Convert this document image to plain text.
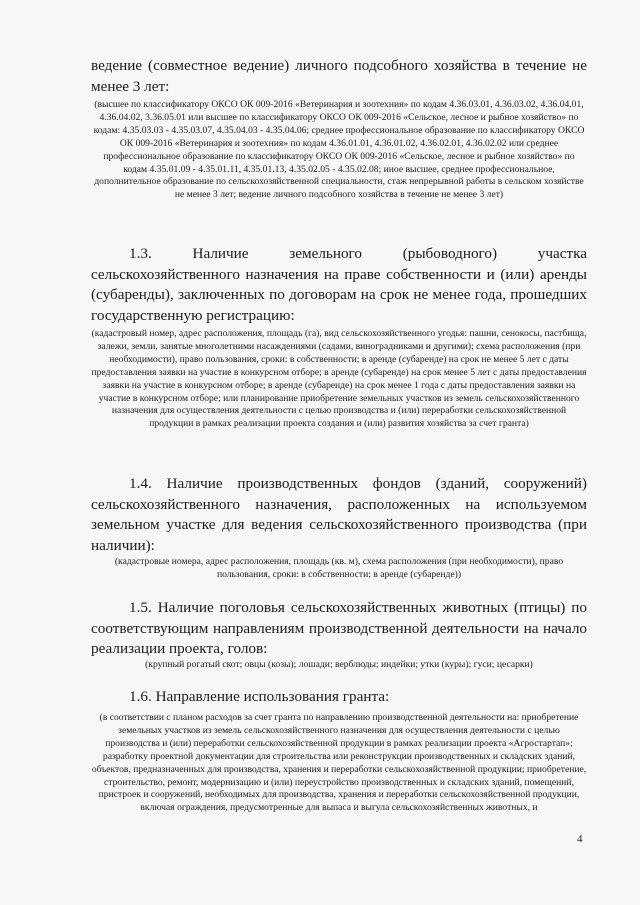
ведение (совместное ведение) личного подсобного хозяйства в течение не менее 3 лет:
(высшее по классификатору ОКСО ОК 009-2016 «Ветеринария и зоотехния» по кодам 4.36.03.01, 4.36.03.02, 4.36.04.01, 4.36.04.02, 3.36.05.01 или высшее по классификатору ОКСО ОК 009-2016 «Сельское, лесное и рыбное хозяйство» по кодам: 4.35.03.03 - 4.35.03.07, 4.35.04.03 - 4.35.04.06; среднее профессиональное образование по классификатору ОКСО ОК 009-2016 «Ветеринария и зоотехния» по кодам 4.36.01.01, 4.36.01.02, 4.36.02.01, 4.36.02.02 или среднее профессиональное образование по классификатору ОКСО ОК 009-2016 «Сельское, лесное и рыбное хозяйство» по кодам 4.35.01.09 - 4.35.01.11, 4.35.01.13, 4.35.02.05 - 4.35.02.08; иное высшее, среднее профессиональное, дополнительное образование по сельскохозяйственной специальности, стаж непрерывной работы в сельском хозяйстве не менее 3 лет; ведение личного подсобного хозяйства в течение не менее 3 лет)
1.3. Наличие земельного (рыбоводного) участка сельскохозяйственного назначения на праве собственности и (или) аренды (субаренды), заключенных по договорам на срок не менее года, прошедших государственную регистрацию:
(кадастровый номер, адрес расположения, площадь (га), вид сельскохозяйственного угодья: пашни, сенокосы, пастбища, залежи, земли, занятые многолетними насаждениями (садами, виноградниками и другими); схема расположения (при необходимости), право пользования, сроки: в собственности; в аренде (субаренде) на срок не менее 5 лет с даты предоставления заявки на участие в конкурсном отборе; в аренде (субаренде) на срок менее 5 лет с даты предоставления заявки на участие в конкурсном отборе; в аренде (субаренде) на срок менее 1 года с даты предоставления заявки на участие в конкурсном отборе; или планирование приобретение земельных участков из земель сельскохозяйственного назначения для осуществления деятельности с целью производства и (или) переработки сельскохозяйственной продукции в рамках реализации проекта создания и (или) развития хозяйства за счет гранта)
1.4. Наличие производственных фондов (зданий, сооружений) сельскохозяйственного назначения, расположенных на используемом земельном участке для ведения сельскохозяйственного производства (при наличии):
(кадастровые номера, адрес расположения, площадь (кв. м), схема расположения (при необходимости), право пользования, сроки: в собственности; в аренде (субаренде))
1.5. Наличие поголовья сельскохозяйственных животных (птицы) по соответствующим направлениям производственной деятельности на начало реализации проекта, голов:
(крупный рогатый скот; овцы (козы); лошади; верблюды; индейки; утки (куры); гуси; цесарки)
1.6. Направление использования гранта:
(в соответствии с планом расходов за счет гранта по направлению производственной деятельности на: приобретение земельных участков из земель сельскохозяйственного назначения для осуществления деятельности с целью производства и (или) переработки сельскохозяйственной продукции в рамках реализации проекта «Агростартап»; разработку проектной документации для строительства или реконструкции производственных и складских зданий, объектов, предназначенных для производства, хранения и переработки сельскохозяйственной продукции; приобретение, строительство, ремонт, модернизацию и (или) переустройство производственных и складских зданий, помещений, пристроек и сооружений, необходимых для производства, хранения и переработки сельскохозяйственной продукции, включая ограждения, предусмотренные для выпаса и выгула сельскохозяйственных животных, и
4
